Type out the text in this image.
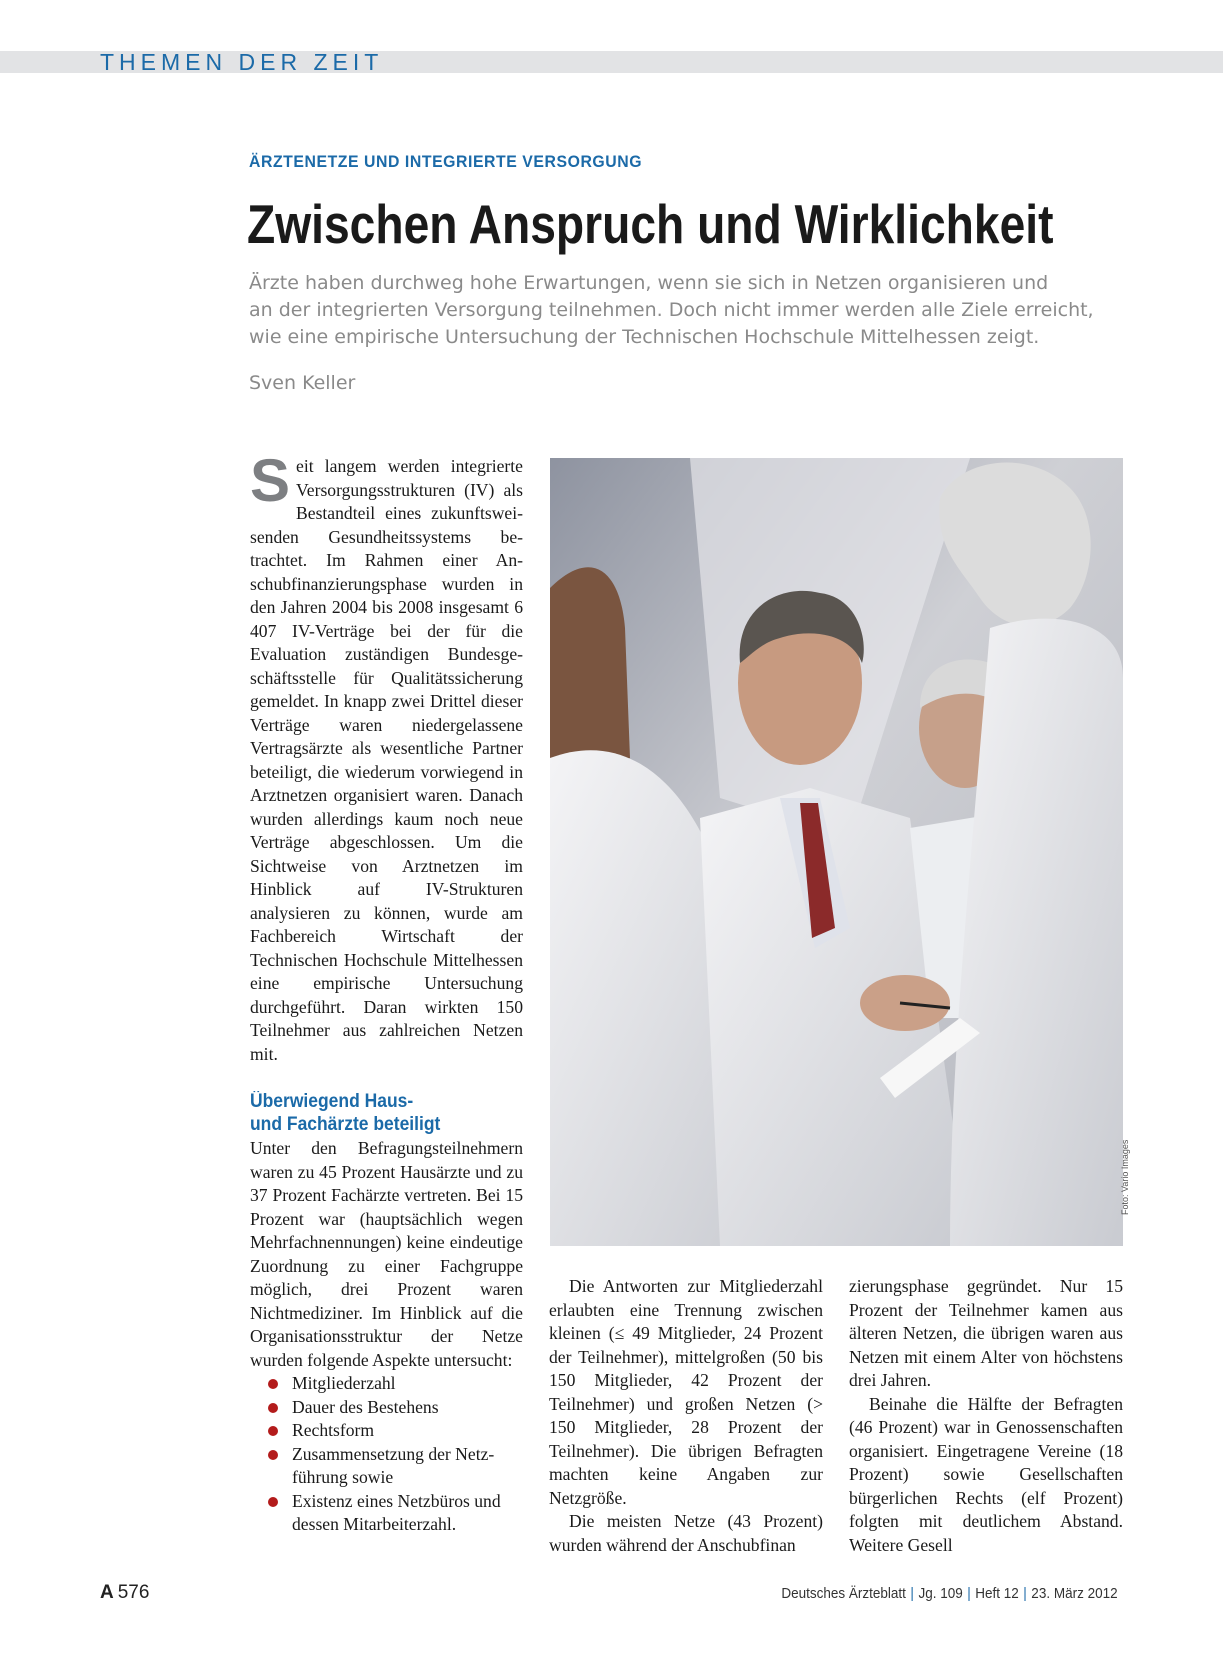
THEMEN DER ZEIT
ÄRZTENETZE UND INTEGRIERTE VERSORGUNG
Zwischen Anspruch und Wirklichkeit
Ärzte haben durchweg hohe Erwartungen, wenn sie sich in Netzen organisieren und
an der integrierten Versorgung teilnehmen. Doch nicht immer werden alle Ziele erreicht,
wie eine empirische Untersuchung der Technischen Hochschule Mittelhessen zeigt.
Sven Keller

Seit langem werden integrierte Versorgungsstrukturen (IV) als Bestandteil eines zukunftsweisenden Gesundheitssystems betrachtet. Im Rahmen einer Anschubfinanzierungsphase wurden in den Jahren 2004 bis 2008 insgesamt 6 407 IV-Verträge bei der für die Evaluation zuständigen Bundesgeschäftsstelle für Qualitätssicherung gemeldet. In knapp zwei Drittel dieser Verträge waren niedergelassene Vertragsärzte als wesentliche Partner beteiligt, die wiederum vorwiegend in Arztnetzen organisiert waren. Danach wurden allerdings kaum noch neue Verträge abgeschlossen. Um die Sichtweise von Arztnetzen im Hinblick auf IV-Strukturen analysieren zu können, wurde am Fachbereich Wirtschaft der Technischen Hochschule Mittelhessen eine empirische Untersuchung durchgeführt. Daran wirkten 150 Teilnehmer aus zahlreichen Netzen mit.

Überwiegend Haus-
und Fachärzte beteiligt

Unter den Befragungsteilnehmern waren zu 45 Prozent Hausärzte und zu 37 Prozent Fachärzte vertreten. Bei 15 Prozent war (hauptsächlich wegen Mehrfachnennungen) keine eindeutige Zuordnung zu einer Fachgruppe möglich, drei Prozent waren Nichtmediziner. Im Hinblick auf die Organisationsstruktur der Netze wurden folgende Aspekte untersucht:

Mitgliederzahl
Dauer des Bestehens
Rechtsform
Zusammensetzung der Netzführung sowie
Existenz eines Netzbüros und dessen Mitarbeiterzahl.
Foto: Vario Images

Die Antworten zur Mitgliederzahl erlaubten eine Trennung zwischen kleinen (≤ 49 Mitglieder, 24 Prozent der Teilnehmer), mittelgroßen (50 bis 150 Mitglieder, 42 Prozent der Teilnehmer) und großen Netzen (> 150 Mitglieder, 28 Prozent der Teilnehmer). Die übrigen Befragten machten keine Angaben zur Netzgröße.

Die meisten Netze (43 Prozent) wurden während der Anschubfinan

zierungsphase gegründet. Nur 15 Prozent der Teilnehmer kamen aus älteren Netzen, die übrigen waren aus Netzen mit einem Alter von höchstens drei Jahren.

Beinahe die Hälfte der Befragten (46 Prozent) war in Genossenschaften organisiert. Eingetragene Vereine (18 Prozent) sowie Gesellschaften bürgerlichen Rechts (elf Prozent) folgten mit deutlichem Abstand. Weitere Gesell

A 576	Deutsches Ärzteblatt | Jg. 109 | Heft 12 | 23. März 2012
